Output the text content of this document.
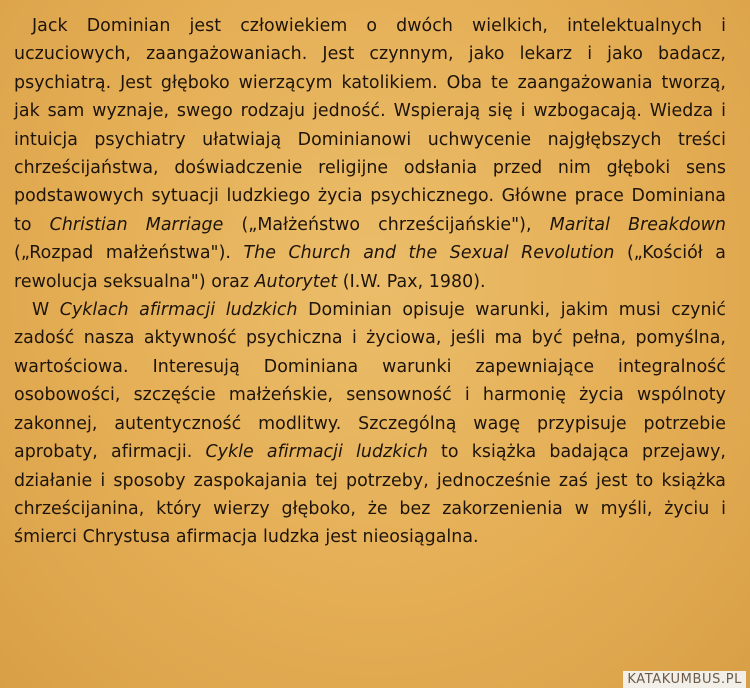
Jack Dominian jest człowiekiem o dwóch wielkich, intelektualnych i uczuciowych, zaangażowaniach. Jest czynnym, jako lekarz i jako badacz, psychiatrą. Jest głęboko wierzącym katolikiem. Oba te zaangażowania tworzą, jak sam wyznaje, swego rodzaju jedność. Wspierają się i wzbogacają. Wiedza i intuicja psychiatry ułatwiają Dominianowi uchwycenie najgłębszych treści chrześcijaństwa, doświadczenie religijne odsłania przed nim głęboki sens podstawowych sytuacji ludzkiego życia psychicznego. Główne prace Dominiana to Christian Marriage („Małżeństwo chrześcijańskie"), Marital Breakdown („Rozpad małżeństwa"). The Church and the Sexual Revolution („Kościół a rewolucja seksualna") oraz Autorytet (I.W. Pax, 1980).

W Cyklach afirmacji ludzkich Dominian opisuje warunki, jakim musi czynić zadość nasza aktywność psychiczna i życiowa, jeśli ma być pełna, pomyślna, wartościowa. Interesują Dominiana warunki zapewniające integralność osobowości, szczęście małżeńskie, sensowność i harmonię życia wspólnoty zakonnej, autentyczność modlitwy. Szczególną wagę przypisuje potrzebie aprobaty, afirmacji. Cykle afirmacji ludzkich to książka badająca przejawy, działanie i sposoby zaspokajania tej potrzeby, jednocześnie zaś jest to książka chrześcijanina, który wierzy głęboko, że bez zakorzenienia w myśli, życiu i śmierci Chrystusa afirmacja ludzka jest nieosiągalna.

KATAKUMBUS.PL
